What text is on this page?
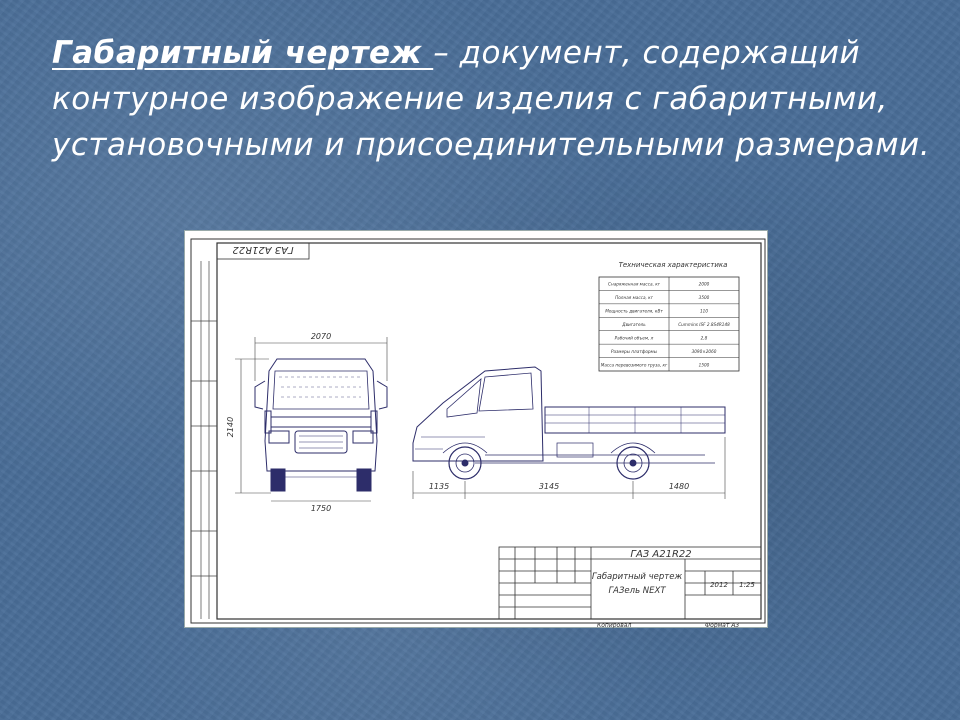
Габаритный чертеж – документ, содержащий контурное изображение изделия с габаритными, установочными и присоединительными размерами.
ГАЗ А21R22
Техническая характеристика
Снаряженная масса, кг	2000
Полная масса, кг	3500
Мощность двигателя, кВт	110
Двигатель	Cummins ISF 2.8S4R148
Рабочий объем, л	2,8
Размеры платформы	3090×2060
Масса перевозимого груза, кг	1500
2070
2140
1750
1135	3145	1480
ГАЗ А21R22
Габаритный чертеж
ГАЗель NEXT
2012 1:25
Копировал	Формат А3
